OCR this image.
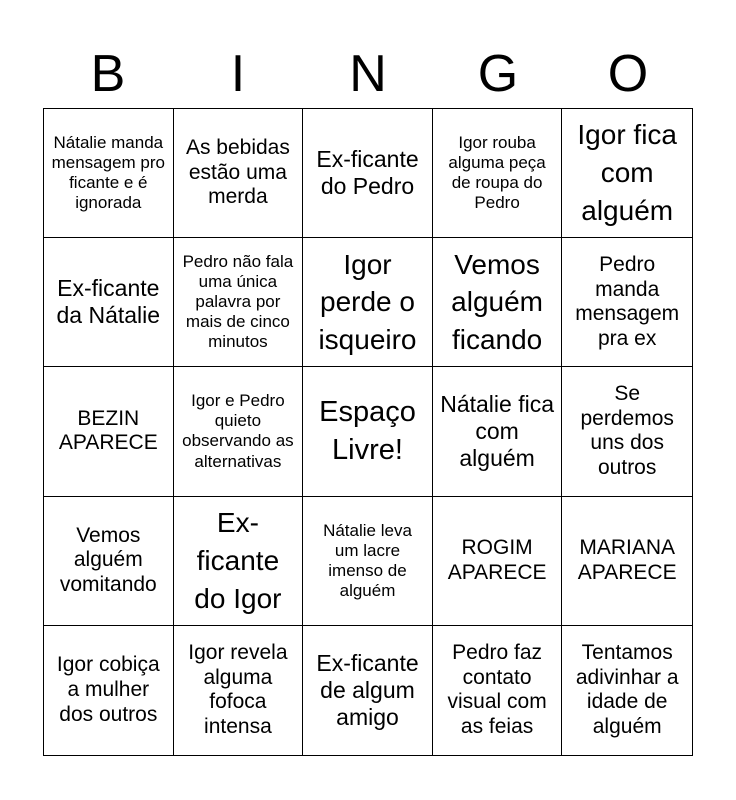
B	I	N	G	O
Nátalie manda mensagem pro ficante e é ignorada
As bebidas estão uma merda
Ex-ficante do Pedro
Igor rouba alguma peça de roupa do Pedro
Igor fica com alguém
Ex-ficante da Nátalie
Pedro não fala uma única palavra por mais de cinco minutos
Igor perde o isqueiro
Vemos alguém ficando
Pedro manda mensagem pra ex
BEZIN APARECE
Igor e Pedro quieto observando as alternativas
Espaço Livre!
Nátalie fica com alguém
Se perdemos uns dos outros
Vemos alguém vomitando
Ex-ficante do Igor
Nátalie leva um lacre imenso de alguém
ROGIM APARECE
MARIANA APARECE
Igor cobiça a mulher dos outros
Igor revela alguma fofoca intensa
Ex-ficante de algum amigo
Pedro faz contato visual com as feias
Tentamos adivinhar a idade de alguém
